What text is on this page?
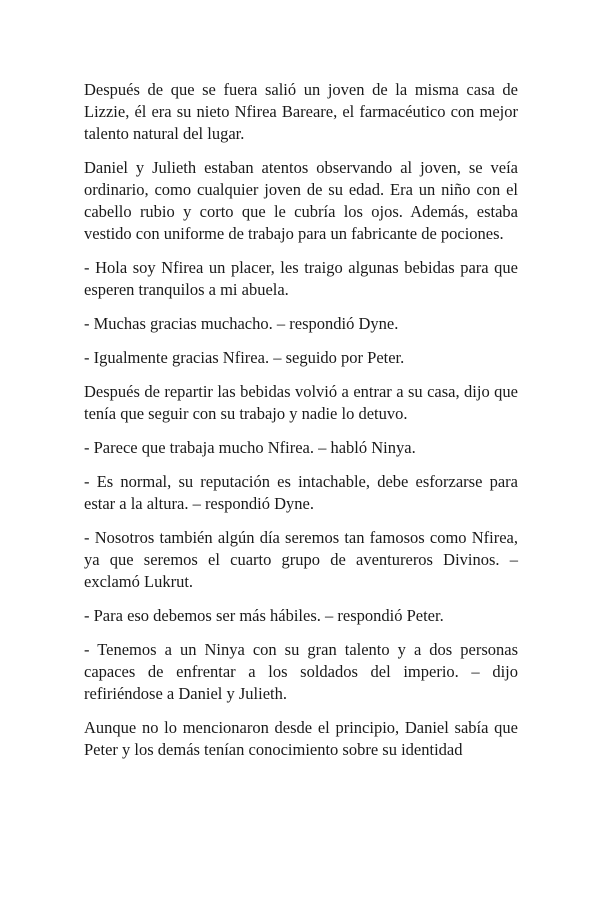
Después de que se fuera salió un joven de la misma casa de Lizzie, él era su nieto Nfirea Bareare, el farmacéutico con mejor talento natural del lugar.

Daniel y Julieth estaban atentos observando al joven, se veía ordinario, como cualquier joven de su edad. Era un niño con el cabello rubio y corto que le cubría los ojos. Además, estaba vestido con uniforme de trabajo para un fabricante de pociones.

- Hola soy Nfirea un placer, les traigo algunas bebidas para que esperen tranquilos a mi abuela.

- Muchas gracias muchacho. – respondió Dyne.

- Igualmente gracias Nfirea. – seguido por Peter.

Después de repartir las bebidas volvió a entrar a su casa, dijo que tenía que seguir con su trabajo y nadie lo detuvo.

- Parece que trabaja mucho Nfirea. – habló Ninya.

- Es normal, su reputación es intachable, debe esforzarse para estar a la altura. – respondió Dyne.

- Nosotros también algún día seremos tan famosos como Nfirea, ya que seremos el cuarto grupo de aventureros Divinos. – exclamó Lukrut.

- Para eso debemos ser más hábiles. – respondió Peter.

- Tenemos a un Ninya con su gran talento y a dos personas capaces de enfrentar a los soldados del imperio. – dijo refiriéndose a Daniel y Julieth.

Aunque no lo mencionaron desde el principio, Daniel sabía que Peter y los demás tenían conocimiento sobre su identidad
